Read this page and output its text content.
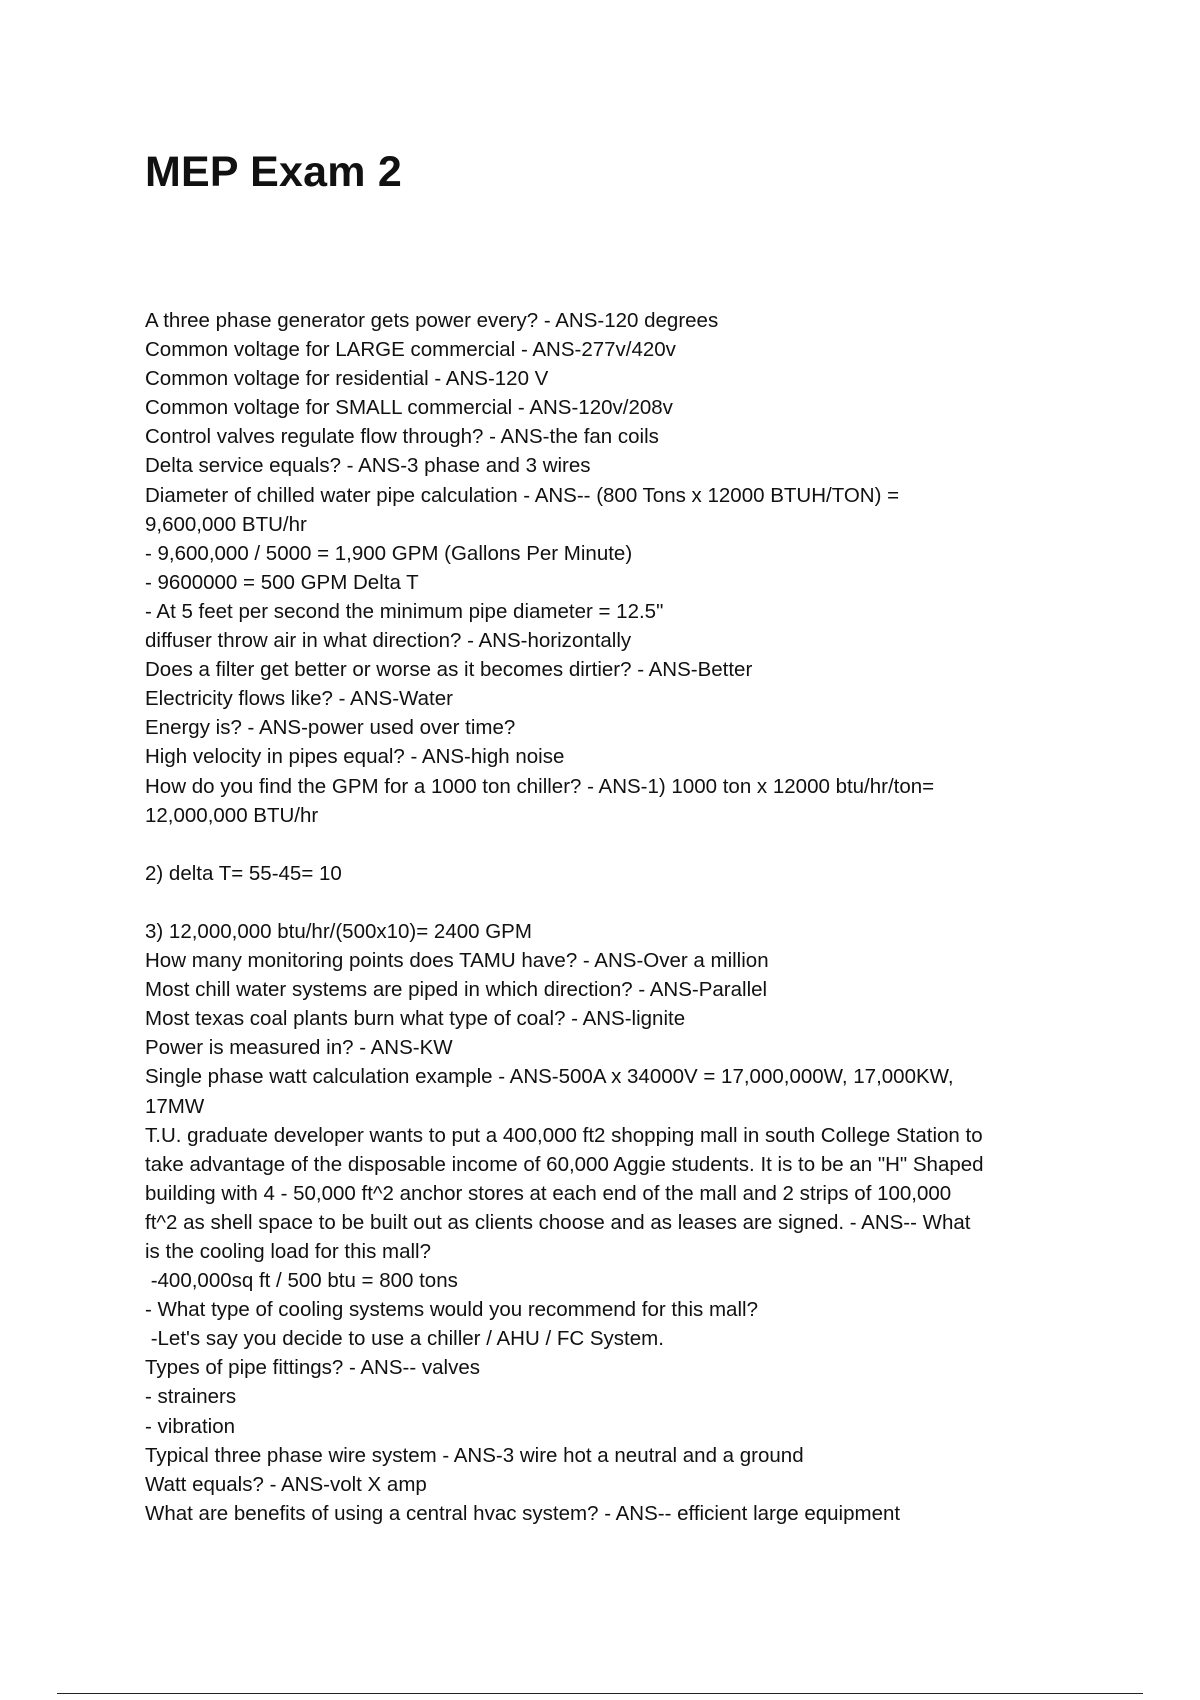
MEP Exam 2
A three phase generator gets power every? - ANS-120 degrees
Common voltage for LARGE commercial - ANS-277v/420v
Common voltage for residential - ANS-120 V
Common voltage for SMALL commercial - ANS-120v/208v
Control valves regulate flow through? - ANS-the fan coils
Delta service equals? - ANS-3 phase and 3 wires
Diameter of chilled water pipe calculation - ANS-- (800 Tons x 12000 BTUH/TON) =
9,600,000 BTU/hr
- 9,600,000 / 5000 = 1,900 GPM (Gallons Per Minute)
- 9600000 = 500 GPM Delta T
- At 5 feet per second the minimum pipe diameter = 12.5"
diffuser throw air in what direction? - ANS-horizontally
Does a filter get better or worse as it becomes dirtier? - ANS-Better
Electricity flows like? - ANS-Water
Energy is? - ANS-power used over time?
High velocity in pipes equal? - ANS-high noise
How do you find the GPM for a 1000 ton chiller? - ANS-1) 1000 ton x 12000 btu/hr/ton=
12,000,000 BTU/hr
2) delta T= 55-45= 10
3) 12,000,000 btu/hr/(500x10)= 2400 GPM
How many monitoring points does TAMU have? - ANS-Over a million
Most chill water systems are piped in which direction? - ANS-Parallel
Most texas coal plants burn what type of coal? - ANS-lignite
Power is measured in? - ANS-KW
Single phase watt calculation example - ANS-500A x 34000V = 17,000,000W, 17,000KW,
17MW
T.U. graduate developer wants to put a 400,000 ft2 shopping mall in south College Station to
take advantage of the disposable income of 60,000 Aggie students. It is to be an "H" Shaped
building with 4 - 50,000 ft^2 anchor stores at each end of the mall and 2 strips of 100,000
ft^2 as shell space to be built out as clients choose and as leases are signed. - ANS-- What
is the cooling load for this mall?
-400,000sq ft / 500 btu = 800 tons
- What type of cooling systems would you recommend for this mall?
-Let's say you decide to use a chiller / AHU / FC System.
Types of pipe fittings? - ANS-- valves
- strainers
- vibration
Typical three phase wire system - ANS-3 wire hot a neutral and a ground
Watt equals? - ANS-volt X amp
What are benefits of using a central hvac system? - ANS-- efficient large equipment
